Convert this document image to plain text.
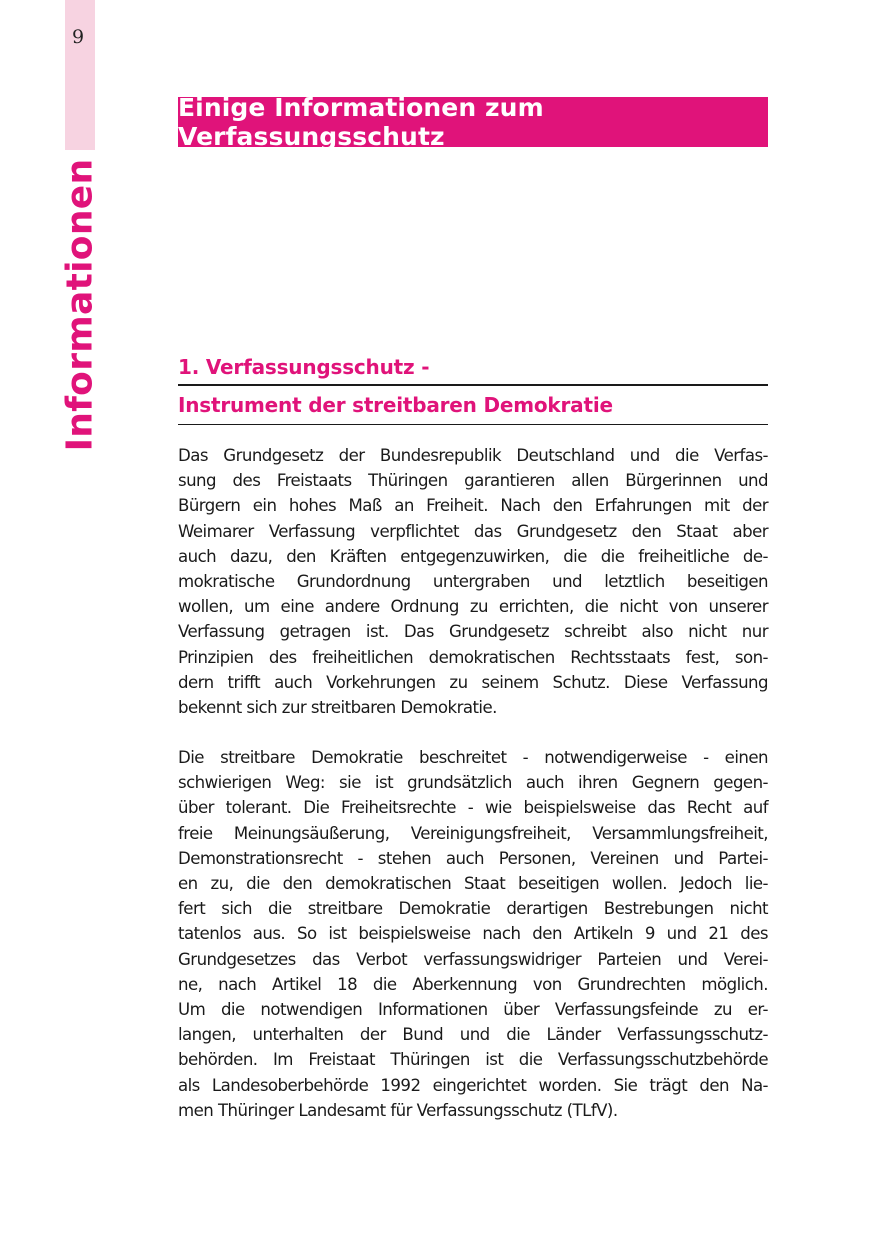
9
Informationen
Einige Informationen zum Verfassungsschutz
1. Verfassungsschutz -
Instrument der streitbaren Demokratie
Das Grundgesetz der Bundesrepublik Deutschland und die Verfas-
sung des Freistaats Thüringen garantieren allen Bürgerinnen und
Bürgern ein hohes Maß an Freiheit. Nach den Erfahrungen mit der
Weimarer Verfassung verpflichtet das Grundgesetz den Staat aber
auch dazu, den Kräften entgegenzuwirken, die die freiheitliche de-
mokratische Grundordnung untergraben und letztlich beseitigen
wollen, um eine andere Ordnung zu errichten, die nicht von unserer
Verfassung getragen ist. Das Grundgesetz schreibt also nicht nur
Prinzipien des freiheitlichen demokratischen Rechtsstaats fest, son-
dern trifft auch Vorkehrungen zu seinem Schutz. Diese Verfassung
bekennt sich zur streitbaren Demokratie.
Die streitbare Demokratie beschreitet - notwendigerweise - einen
schwierigen Weg: sie ist grundsätzlich auch ihren Gegnern gegen-
über tolerant. Die Freiheitsrechte - wie beispielsweise das Recht auf
freie Meinungsäußerung, Vereinigungsfreiheit, Versammlungsfreiheit,
Demonstrationsrecht - stehen auch Personen, Vereinen und Partei-
en zu, die den demokratischen Staat beseitigen wollen. Jedoch lie-
fert sich die streitbare Demokratie derartigen Bestrebungen nicht
tatenlos aus. So ist beispielsweise nach den Artikeln 9 und 21 des
Grundgesetzes das Verbot verfassungswidriger Parteien und Verei-
ne, nach Artikel 18 die Aberkennung von Grundrechten möglich.
Um die notwendigen Informationen über Verfassungsfeinde zu er-
langen, unterhalten der Bund und die Länder Verfassungsschutz-
behörden. Im Freistaat Thüringen ist die Verfassungsschutzbehörde
als Landesoberbehörde 1992 eingerichtet worden. Sie trägt den Na-
men Thüringer Landesamt für Verfassungsschutz (TLfV).
